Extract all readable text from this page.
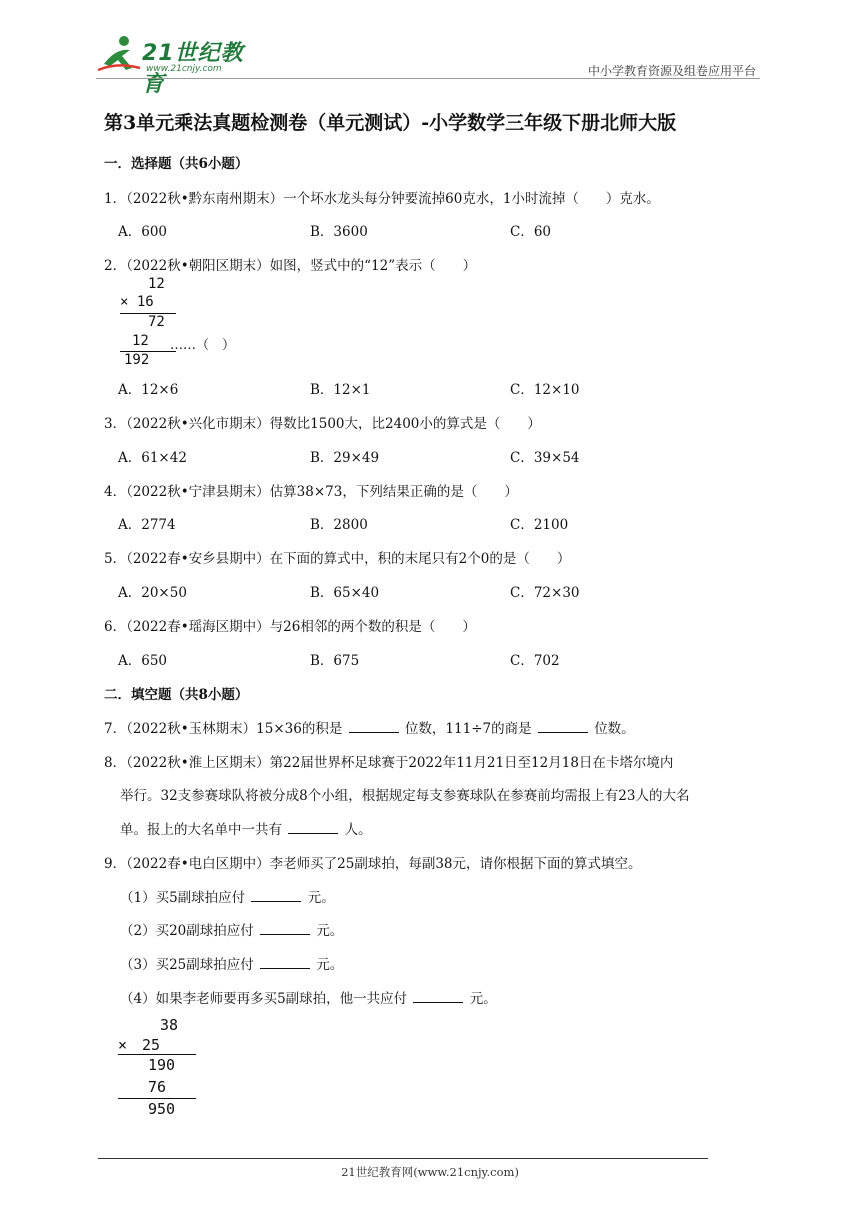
21世纪教育
www.21cnjy.com	中小学教育资源及组卷应用平台
第3单元乘法真题检测卷（单元测试）-小学数学三年级下册北师大版
一．选择题（共6小题）
1．（2022秋•黔东南州期末）一个坏水龙头每分钟要流掉60克水，1小时流掉（　　）克水。
A．600	B．3600	C．60
2．（2022秋•朝阳区期末）如图，竖式中的“12”表示（　　）
12
× 16
72
12 ……（　）
192
A．12×6	B．12×1	C．12×10
3．（2022秋•兴化市期末）得数比1500大，比2400小的算式是（　　）
A．61×42	B．29×49	C．39×54
4．（2022秋•宁津县期末）估算38×73，下列结果正确的是（　　）
A．2774	B．2800	C．2100
5．（2022春•安乡县期中）在下面的算式中，积的末尾只有2个0的是（　　）
A．20×50	B．65×40	C．72×30
6．（2022春•瑶海区期中）与26相邻的两个数的积是（　　）
A．650	B．675	C．702
二．填空题（共8小题）
7．（2022秋•玉林期末）15×36的积是	位数，111÷7的商是	位数。
8．（2022秋•淮上区期末）第22届世界杯足球赛于2022年11月21日至12月18日在卡塔尔境内
举行。32支参赛球队将被分成8个小组，根据规定每支参赛球队在参赛前均需报上有23人的大名
单。报上的大名单中一共有	人。
9．（2022春•电白区期中）李老师买了25副球拍，每副38元，请你根据下面的算式填空。
（1）买5副球拍应付	元。
（2）买20副球拍应付	元。
（3）买25副球拍应付	元。
（4）如果李老师要再多买5副球拍，他一共应付	元。
38
×　25
190
76
950
21世纪教育网(www.21cnjy.com)
